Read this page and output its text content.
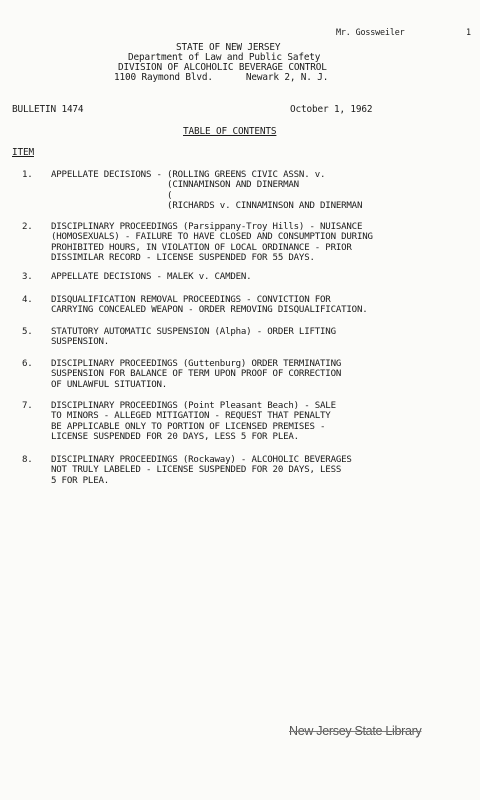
Mr. Gossweiler	1
STATE OF NEW JERSEY
Department of Law and Public Safety
DIVISION OF ALCOHOLIC BEVERAGE CONTROL
1100 Raymond Blvd.      Newark 2, N. J.
BULLETIN 1474	October 1, 1962
TABLE OF CONTENTS
ITEM
1. APPELLATE DECISIONS - (ROLLING GREENS CIVIC ASSN. v.
(CINNAMINSON AND DINERMAN
(
(RICHARDS v. CINNAMINSON AND DINERMAN
2. DISCIPLINARY PROCEEDINGS (Parsippany-Troy Hills) - NUISANCE
(HOMOSEXUALS) - FAILURE TO HAVE CLOSED AND CONSUMPTION DURING
PROHIBITED HOURS, IN VIOLATION OF LOCAL ORDINANCE - PRIOR
DISSIMILAR RECORD - LICENSE SUSPENDED FOR 55 DAYS.
3. APPELLATE DECISIONS - MALEK v. CAMDEN.
4. DISQUALIFICATION REMOVAL PROCEEDINGS - CONVICTION FOR
CARRYING CONCEALED WEAPON - ORDER REMOVING DISQUALIFICATION.
5. STATUTORY AUTOMATIC SUSPENSION (Alpha) - ORDER LIFTING
SUSPENSION.
6. DISCIPLINARY PROCEEDINGS (Guttenburg) ORDER TERMINATING
SUSPENSION FOR BALANCE OF TERM UPON PROOF OF CORRECTION
OF UNLAWFUL SITUATION.
7. DISCIPLINARY PROCEEDINGS (Point Pleasant Beach) - SALE
TO MINORS - ALLEGED MITIGATION - REQUEST THAT PENALTY
BE APPLICABLE ONLY TO PORTION OF LICENSED PREMISES -
LICENSE SUSPENDED FOR 20 DAYS, LESS 5 FOR PLEA.
8. DISCIPLINARY PROCEEDINGS (Rockaway) - ALCOHOLIC BEVERAGES
NOT TRULY LABELED - LICENSE SUSPENDED FOR 20 DAYS, LESS
5 FOR PLEA.
New Jersey State Library
